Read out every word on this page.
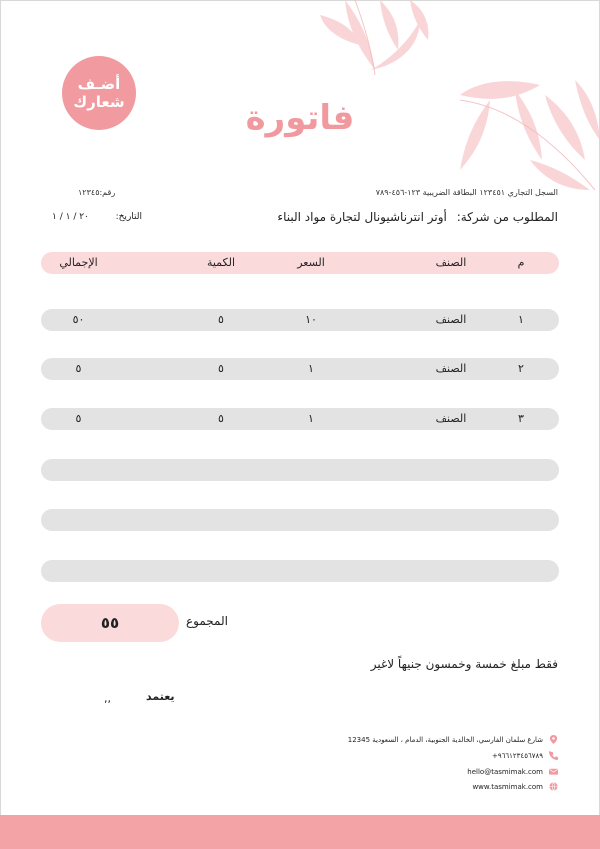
أضـف
شعارك	فاتورة
السجل التجاري ١٢٣٤٥١ البطاقة الضريبية ١٢٣-٤٥٦-٧٨٩
رقم:١٢٣٤٥
المطلوب من شركة: أوتر انترناشيونال لتجارة مواد البناء
التاريخ:
٢٠ / ١ / ١
م
الصنف
السعر
الكمية
الإجمالي
١
الصنف
١٠
٥
٥٠
٢
الصنف
١
٥
٥
٣
الصنف
١
٥
٥
المجموع
٥٥
فقط مبلغ خمسة وخمسون جنيهاً لاغير
يعتمد
,,
12345 شارع سلمان الفارسي، الخالدية الجنوبية، الدمام ، السعودية
+٩٦٦١٢٣٤٥٦٧٨٩
hello@tasmimak.com
www.tasmimak.com
